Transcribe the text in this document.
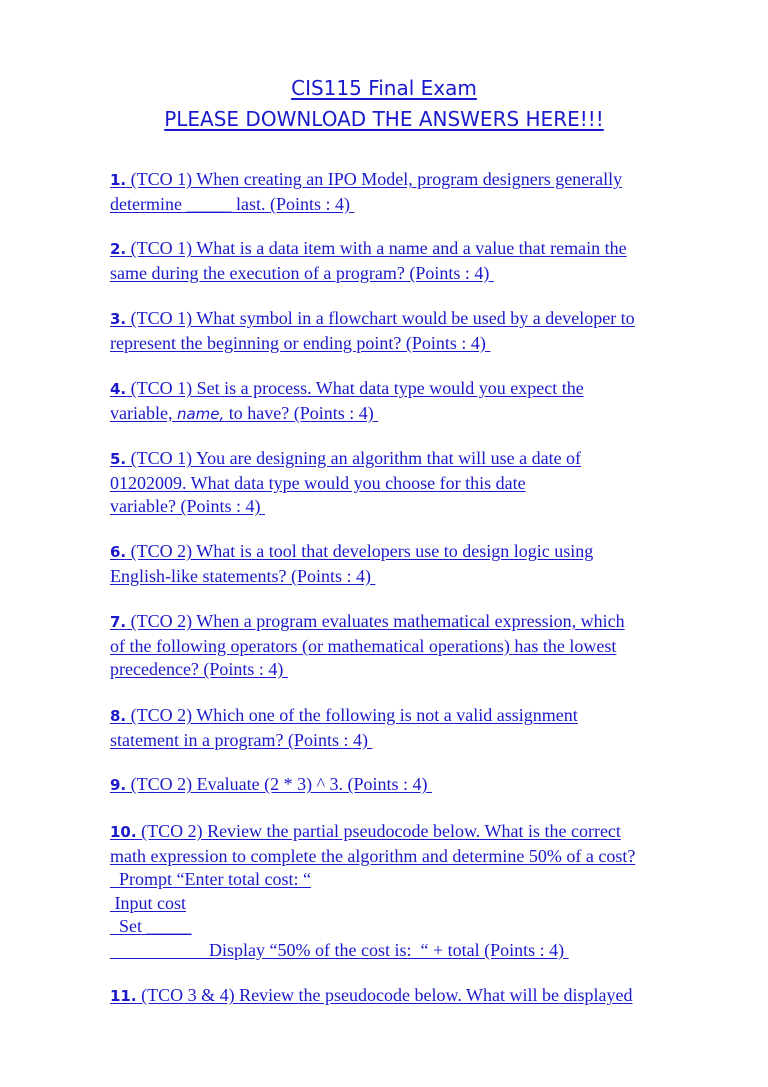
CIS115 Final Exam
PLEASE DOWNLOAD THE ANSWERS HERE!!!

1. (TCO 1) When creating an IPO Model, program designers generally
determine _____ last. (Points : 4)

2. (TCO 1) What is a data item with a name and a value that remain the
same during the execution of a program? (Points : 4)

3. (TCO 1) What symbol in a flowchart would be used by a developer to
represent the beginning or ending point? (Points : 4)

4. (TCO 1) Set is a process. What data type would you expect the
variable, name, to have? (Points : 4)

5. (TCO 1) You are designing an algorithm that will use a date of
01202009. What data type would you choose for this date
variable? (Points : 4)

6. (TCO 2) What is a tool that developers use to design logic using
English-like statements? (Points : 4)

7. (TCO 2) When a program evaluates mathematical expression, which
of the following operators (or mathematical operations) has the lowest
precedence? (Points : 4)

8. (TCO 2) Which one of the following is not a valid assignment
statement in a program? (Points : 4)

9. (TCO 2) Evaluate (2 * 3) ^ 3. (Points : 4)

10. (TCO 2) Review the partial pseudocode below. What is the correct
math expression to complete the algorithm and determine 50% of a cost?
Prompt “Enter total cost: “
Input cost
Set _____
Display “50% of the cost is:  “ + total (Points : 4)

11. (TCO 3 & 4) Review the pseudocode below. What will be displayed
